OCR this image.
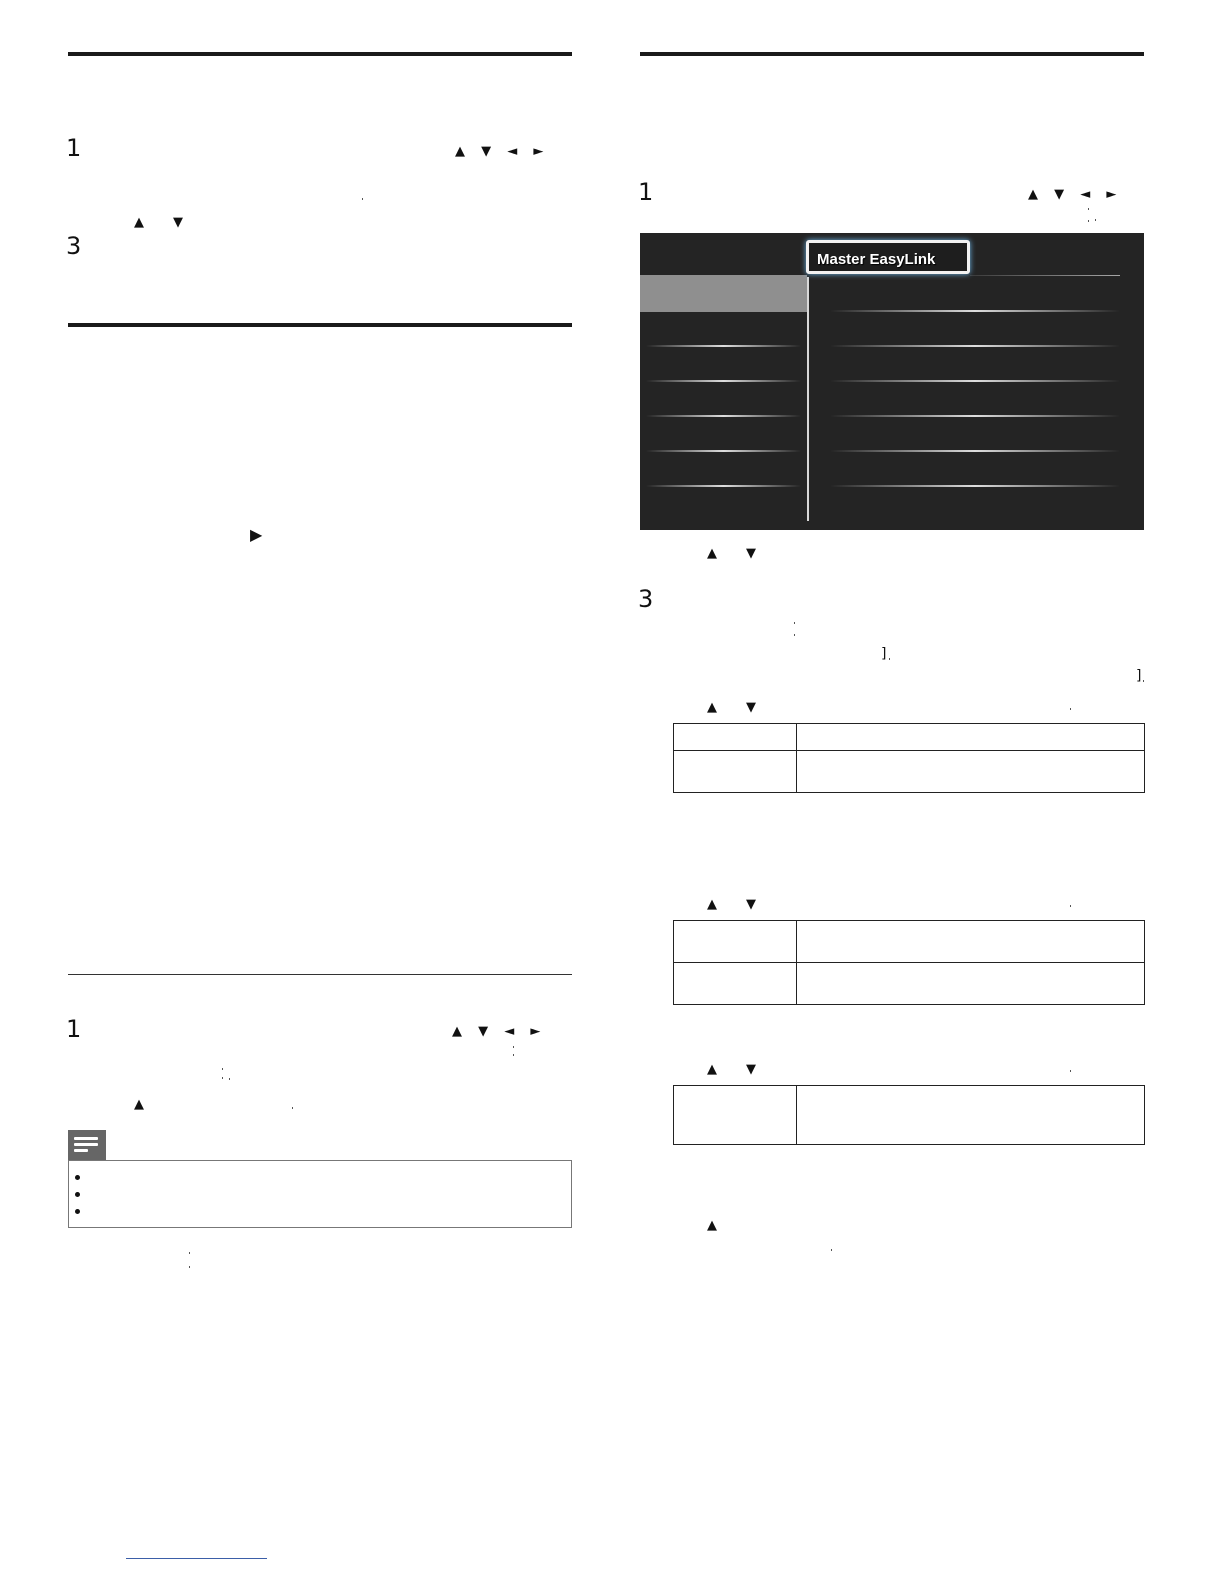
1	▲ ▼ ◄ ►
▲ ▼
3
▶
1	▲ ▼ ◄ ►
▲
1	▲ ▼ ◄ ►
Master EasyLink
▲ ▼
3
]
]
▲ ▼

▲ ▼

▲ ▼

▲
